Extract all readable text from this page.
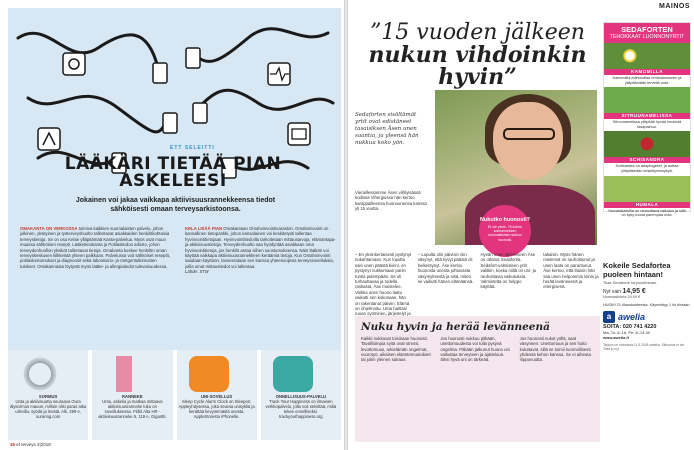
ETT SELEITTI
LÄÄKÄRI TIETÄÄ PIAN ASKELEESI
Jokainen voi jakaa vaikkapa aktiivisuusrannekkeensa tiedot sähköisesti omaan terveysarkistoonsa.

OMAKANTA ON VERKOSSA toimiva kaikkien suomalaisten palvelu, johon julkinen, yksityinen ja työterveyshuolto tallentavat asiakkaiden henkilökohtaisia terveystietoja. Se on osa Kelan ylläpitämää Kanta-palvelua. Myös osat muun muassa sähköinen resepti. Lääketietokanta ja Potilastiedon arkisto, johon terveydenhuollon yksiköt tallentavat tietoja. Omakanta koskee henkilön oman terveyskeskusen kilkkeistä yhteen paikkaan. Palvelussa voit sähköiset reseptit, potilaskertomukset ja diagnoosit sekä laboratorio- ja röntgentutkimusten tulokset. Omakannasta löytyvät myös lääke- ja allergiatiedot tulevaisuudessa.

KELA LISÄÄ PIAN Omakantaan Omahvinvointivaraston. Omahvinvointi on kansallinen tietopankki, johon kansalainen voi keskitetysti tallentaa hyvinvointitietojaan. Hyvinvointitiedoilla tarkoitetaan mittausarvoja, elämäntapa- ja aktiivisuustietoja. Terveydenhuolto saa hyödyntää asiakkaan oma hyvinvointitietoja, jos henkilö antaa siihen suostumuksensa. Näin lääkäri voi käyttää vaikkapa aktiivisuusrannekkeen keräämiä tietoja. Kun Omahvinvointi saadaan käyttöön, lanseerataan sen kanssa yhteensopivia terveyssovelluksia, joilla omat mittaustiedot voi tallentaa.
Lähde: STM

SORMUS
Unta ja aktiivisuutta seuraava Oura älysormus mauun, milloin olisi paras aika urheilla, syödä ja levätä. Alk. 299 e, ouraring.com
RANNEKE
Unta, askelia ja matkaa mittaava aktiivisuusranneke luku on sovelluksessa. Fitbit Alta HR -aktiivisuusranneke 5, 119 e, Gigantti.
UNI-SOVELLUS
Sleep Cycle Alarm Clock on Sleepon: Appleyhdysessa, joka seuraa unisykliä ja herättää kevyimmästä unesta. AppleStoresta iPhonelle.
ONNELLISUUS-PALVELU
Track Your Happiness on ilmainen verkkopalvelu, jolla voit selvittää, mikä tekee onnelliseksi. trackyourhappiness.org
36 et terveys 2|2018
MAINOS
”15 vuoden jälkeen
nukun vihdoinkin
hyvin”
Sedaforten sisältämät yrtit ovat edistäneet tasaisiksen Äsen unen saantia, ja yleensä hän nukkuu koko yön.
Nukutko huonosti?
Et ole yksin. Yli kolme kolmanneksen suomalaisista nukkuu huonosti.
Vieraillessamme Äsen viihtyisässä kodissa Vihergiussa hän kertoo kamppailleensa huonounensa kanssa yli 15 vuotta.

– En yksinkertaisesti pystynyt nukahtamaan. Kun lopulta sain unen päästä kiinni, en pystynyt nukkumaan pariin tuntia pidempään. Se oli turhauttavaa ja todella raskasta, Äse muistelee. Vaikka unen huono laatu vaikutti sen kokonaan, hän on rakentanut päiviin. Elämä on ohjelmoitu. Unta haittasi ruuan syöminen, järjestelyt ja

– Lopulta olin päivisin niin väsynyt, että kyvyt päästä oli heikentynyt. Äse kertoo huonosta unesta johtuvasta väsymyksestä ja siitä, miten se vaikutti hänen elämäänsä.

Hyvän unen tukemiseen Äse on ottanut Sedafortia. Sedafort-valmisteen yrtit valittiin, koska niillä on uni- ja rauhoittavia vaikutuksia. Valmistetta on helppo käyttää.

takaisin. Myös hänen mielensä on rauhoittunut ja unen laatu on parantunut. Äse kertoo, että iltaisin hän saa unen helpommin kiinni ja herää levänneenä ja energisenä.

Nuku hyvin ja herää levänneenä

Kaikki nukkuvat toisinaan huonosti. Tavallisimpia syitä ovat stressi, levottomuus, arkielämän ongelmat, vuorotyö, aikaisen elämänmuutokset tai jokin yleinen sairaus.

Jos huonosti nukkuu pitkään, unettomuudesta voi tulla pysyvä ongelma. Pitkään jatkunut huono uni vaikuttaa terveyteen ja ajatteluun. Siksi hyvä uni on tärkeää.

Jos huonosti nukut yöllä, saat väsyneen. Unettomuus ja sen hoito kuluttavat, sillä se toimii luonnollisesti yhdessä kehon kanssa. Se ei aiheuta riippuvuutta.

SEDAFORTEN
TEHOKKAAT LUONNONYRTIT
KAMOMILLA
Kamomilla edesauttaa rentoutumiseen ja ylläpitämään terveitä unta.
SITRUUNAMELISSA
Sitruunamelissa ylläpitää hyvää henkistä tasapainoa.
SCHISANDRA
Schisandra on adaptogeeni, ja auttaa ylläpitämään keskittymiskykyä.
HUMALA
Humalakasvilla on rauhoittava vaikutus ja sillä on kyky tuoda parempaa unta.
Kokeile Sedafortea puoleen hintaan!
Tilaa Sedaforte tarjoushintaan.
Nyt vain 14,95 €
Normaalihinta 29,90 €
HUOM! 21 tilaustuotteesta. Käynnistyy 1 kk hintaan.
a awelia
SOITA: 020 741 4220
Ma–To: 8–16, Pe: 8–14:30
www.awelia.fi
Tarjous on voimassa 11.5.2018 saakka. Sitoumus ei ole. Tilaa jo nyt.
